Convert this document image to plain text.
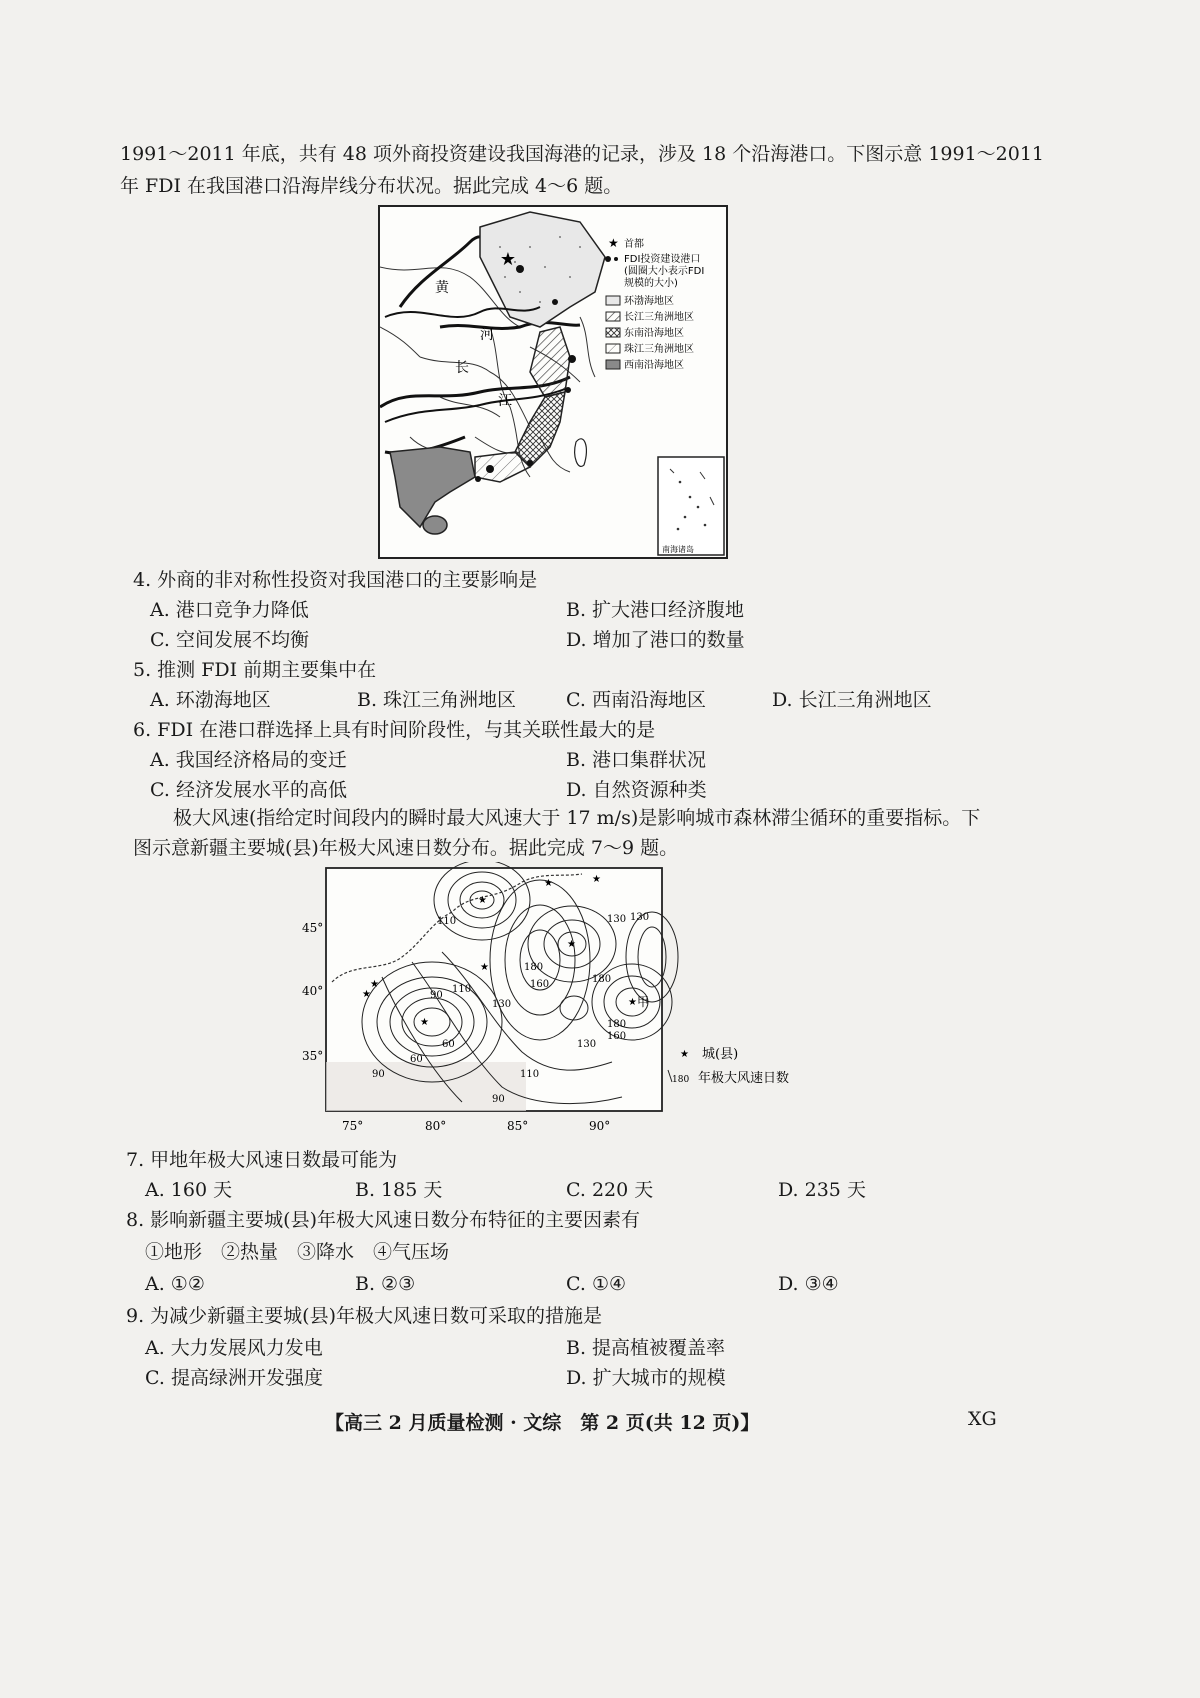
1991～2011 年底，共有 48 项外商投资建设我国海港的记录，涉及 18 个沿海港口。下图示意 1991～2011
年 FDI 在我国港口沿海岸线分布状况。据此完成 4～6 题。
★
黄
河
长
江
★ 首都
FDI投资建设港口
(圆圈大小表示FDI
规模的大小)
环渤海地区
长江三角洲地区
东南沿海地区
珠江三角洲地区
西南沿海地区
南海诸岛
4. 外商的非对称性投资对我国港口的主要影响是
A. 港口竞争力降低	B. 扩大港口经济腹地
C. 空间发展不均衡	D. 增加了港口的数量
5. 推测 FDI 前期主要集中在
A. 环渤海地区	B. 珠江三角洲地区	C. 西南沿海地区	D. 长江三角洲地区
6. FDI 在港口群选择上具有时间阶段性，与其关联性最大的是
A. 我国经济格局的变迁	B. 港口集群状况
C. 经济发展水平的高低	D. 自然资源种类
极大风速(指给定时间段内的瞬时最大风速大于 17 m/s)是影响城市森林滞尘循环的重要指标。下
图示意新疆主要城(县)年极大风速日数分布。据此完成 7～9 题。
★
★	★
★
★
★
★
★
★
45°
40°
35°
75°	80°	85°	90°
110
130
180
160
90
60
110	130
180
180
160
130
90
60
130
110
90
甲
★ 城(县)
180 年极大风速日数
7. 甲地年极大风速日数最可能为
A. 160 天	B. 185 天	C. 220 天	D. 235 天
8. 影响新疆主要城(县)年极大风速日数分布特征的主要因素有
①地形　②热量　③降水　④气压场
A. ①②	B. ②③	C. ①④	D. ③④
9. 为减少新疆主要城(县)年极大风速日数可采取的措施是
A. 大力发展风力发电	B. 提高植被覆盖率
C. 提高绿洲开发强度	D. 扩大城市的规模
【高三 2 月质量检测 · 文综　第 2 页(共 12 页)】	XG
